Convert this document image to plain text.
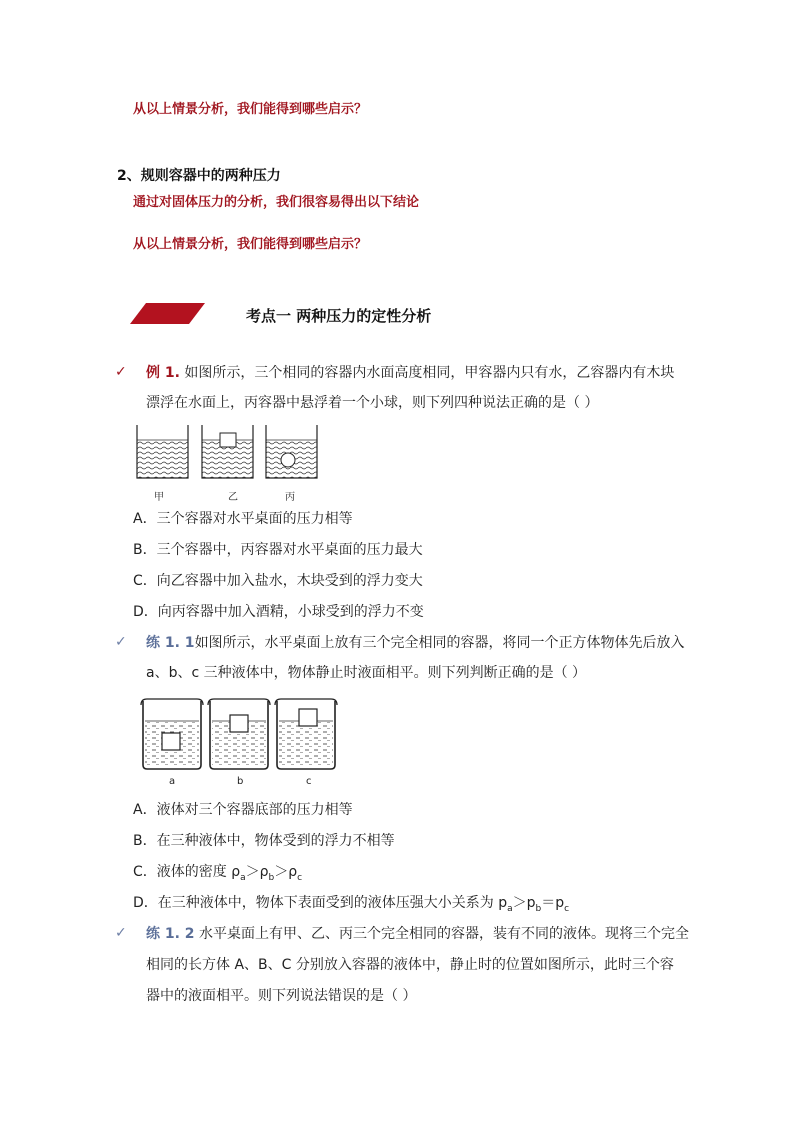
从以上情景分析，我们能得到哪些启示？
2、规则容器中的两种压力
通过对固体压力的分析，我们很容易得出以下结论
从以上情景分析，我们能得到哪些启示？
考点一 两种压力的定性分析
✓ 例 1. 如图所示，三个相同的容器内水面高度相同，甲容器内只有水，乙容器内有木块
漂浮在水面上，丙容器中悬浮着一个小球，则下列四种说法正确的是（ ）
甲	乙	丙
A．三个容器对水平桌面的压力相等
B．三个容器中，丙容器对水平桌面的压力最大
C．向乙容器中加入盐水，木块受到的浮力变大
D．向丙容器中加入酒精，小球受到的浮力不变
✓ 练 1. 1如图所示，水平桌面上放有三个完全相同的容器，将同一个正方体物体先后放入
a、b、c 三种液体中，物体静止时液面相平。则下列判断正确的是（ ）
a	b	c
A．液体对三个容器底部的压力相等
B．在三种液体中，物体受到的浮力不相等
C．液体的密度 $\rho_a>\rho_b>\rho_c$
D．在三种液体中，物体下表面受到的液体压强大小关系为 $p_a>p_b=p_c$
✓ 练 1. 2 水平桌面上有甲、乙、丙三个完全相同的容器，装有不同的液体。现将三个完全
相同的长方体 A、B、C 分别放入容器的液体中，静止时的位置如图所示，此时三个容
器中的液面相平。则下列说法错误的是（ ）
